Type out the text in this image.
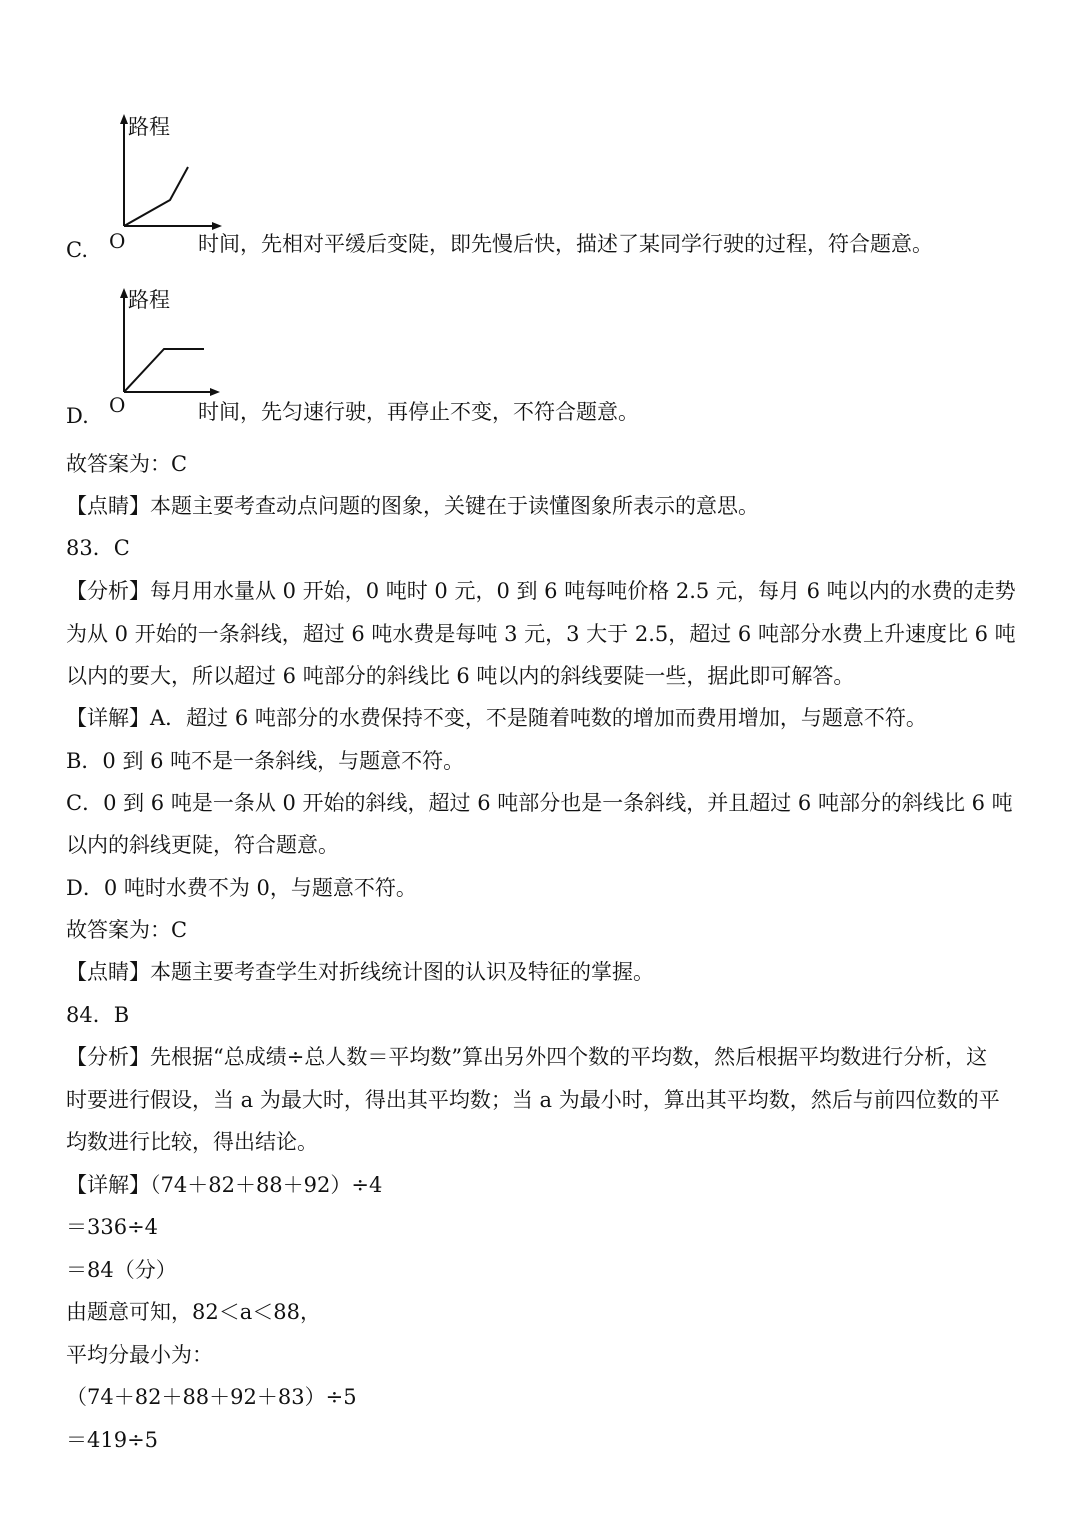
路程
O
C.	时间，先相对平缓后变陡，即先慢后快，描述了某同学行驶的过程，符合题意。
路程
O
D.	时间，先匀速行驶，再停止不变，不符合题意。
故答案为：C
【点睛】本题主要考查动点问题的图象，关键在于读懂图象所表示的意思。
83．C
【分析】每月用水量从 0 开始，0 吨时 0 元，0 到 6 吨每吨价格 2.5 元，每月 6 吨以内的水费的走势
为从 0 开始的一条斜线，超过 6 吨水费是每吨 3 元，3 大于 2.5，超过 6 吨部分水费上升速度比 6 吨
以内的要大，所以超过 6 吨部分的斜线比 6 吨以内的斜线要陡一些，据此即可解答。
【详解】A．超过 6 吨部分的水费保持不变，不是随着吨数的增加而费用增加，与题意不符。
B．0 到 6 吨不是一条斜线，与题意不符。
C．0 到 6 吨是一条从 0 开始的斜线，超过 6 吨部分也是一条斜线，并且超过 6 吨部分的斜线比 6 吨
以内的斜线更陡，符合题意。
D．0 吨时水费不为 0，与题意不符。
故答案为：C
【点睛】本题主要考查学生对折线统计图的认识及特征的掌握。
84．B
【分析】先根据“总成绩÷总人数＝平均数”算出另外四个数的平均数，然后根据平均数进行分析，这
时要进行假设，当 a 为最大时，得出其平均数；当 a 为最小时，算出其平均数，然后与前四位数的平
均数进行比较，得出结论。
【详解】（74＋82＋88＋92）÷4
＝336÷4
＝84（分）
由题意可知，82＜a＜88，
平均分最小为：
（74＋82＋88＋92＋83）÷5
＝419÷5
